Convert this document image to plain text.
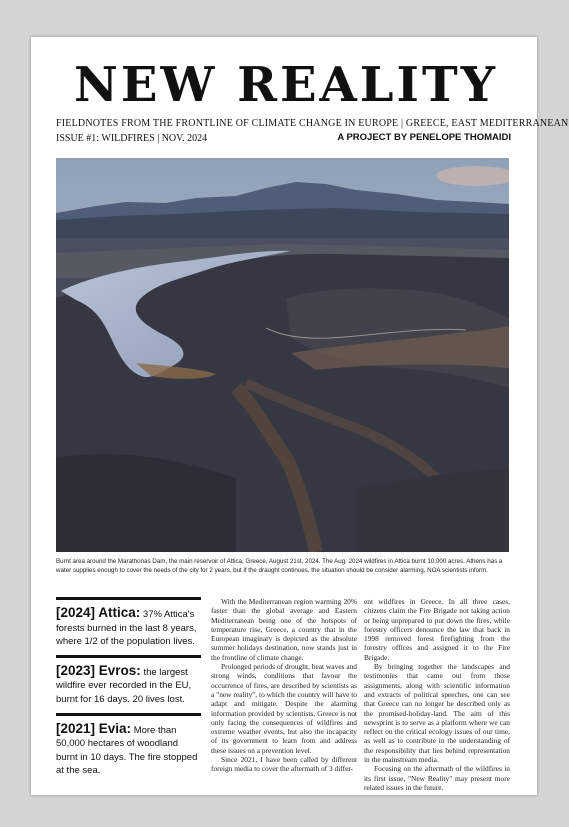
NEW REALITY
FIELDNOTES FROM THE FRONTLINE OF CLIMATE CHANGE IN EUROPE | GREECE, EAST MEDITERRANEAN
ISSUE #1: WILDFIRES | NOV. 2024	A PROJECT BY PENELOPE THOMAIDI
Burnt area around the Marathonas Dam, the main reservoir of Attica, Greece, August 21st, 2024. The Aug. 2024 wildfires in Attica burnt 10,000 acres. Athens has a water supplies enough to cover the needs of the city for 2 years, but if the draught continues, the situation should be consider alarming, NOA scientists inform.

[2024] Attica: 37% Attica's forests burned in the last 8 years, where 1/2 of the population lives.

[2023] Evros: the largest wildfire ever recorded in the EU, burnt for 16 days. 20 lives lost.

[2021] Evia: More than 50,000 hectares of woodland burnt in 10 days. The fire stopped at the sea.

With the Mediterranean region warming 20% faster than the global average and Eastern Mediterranean being one of the hotspots of temperature rise, Greece, a country that in the European imaginary is depicted as the absolute summer holidays destination, now stands just in the frontline of climate change.

Prolonged periods of drought, heat waves and strong winds, conditions that favour the occurrence of fires, are described by scientists as a "new reality", to which the country will have to adapt and mitigate. Despite the alarming information provided by scientists, Greece is not only facing the consequences of wildfires and extreme weather events, but also the incapacity of its government to learn from and address these issues on a prevention level.

Since 2021, I have been called by different foreign media to cover the aftermath of 3 differ-

ent wildfires in Greece. In all three cases, citizens claim the Fire Brigade not taking action or being unprepared to put down the fires, while forestry officers denounce the law that back in 1998 removed forest firefighting from the forestry offices and assigned it to the Fire Brigade.

By bringing together the landscapes and testimonies that came out from those assignments, along with scientific information and extracts of political speeches, one can see that Greece can no longer be described only as the promised-holiday-land. The aim of this newsprint is to serve as a platform where we can reflect on the critical ecology issues of our time, as well as to contribute in the understanding of the responsibility that lies behind representation in the mainstream media.

Focusing on the aftermath of the wildfires in its first issue, "New Reality" may present more related issues in the future.
